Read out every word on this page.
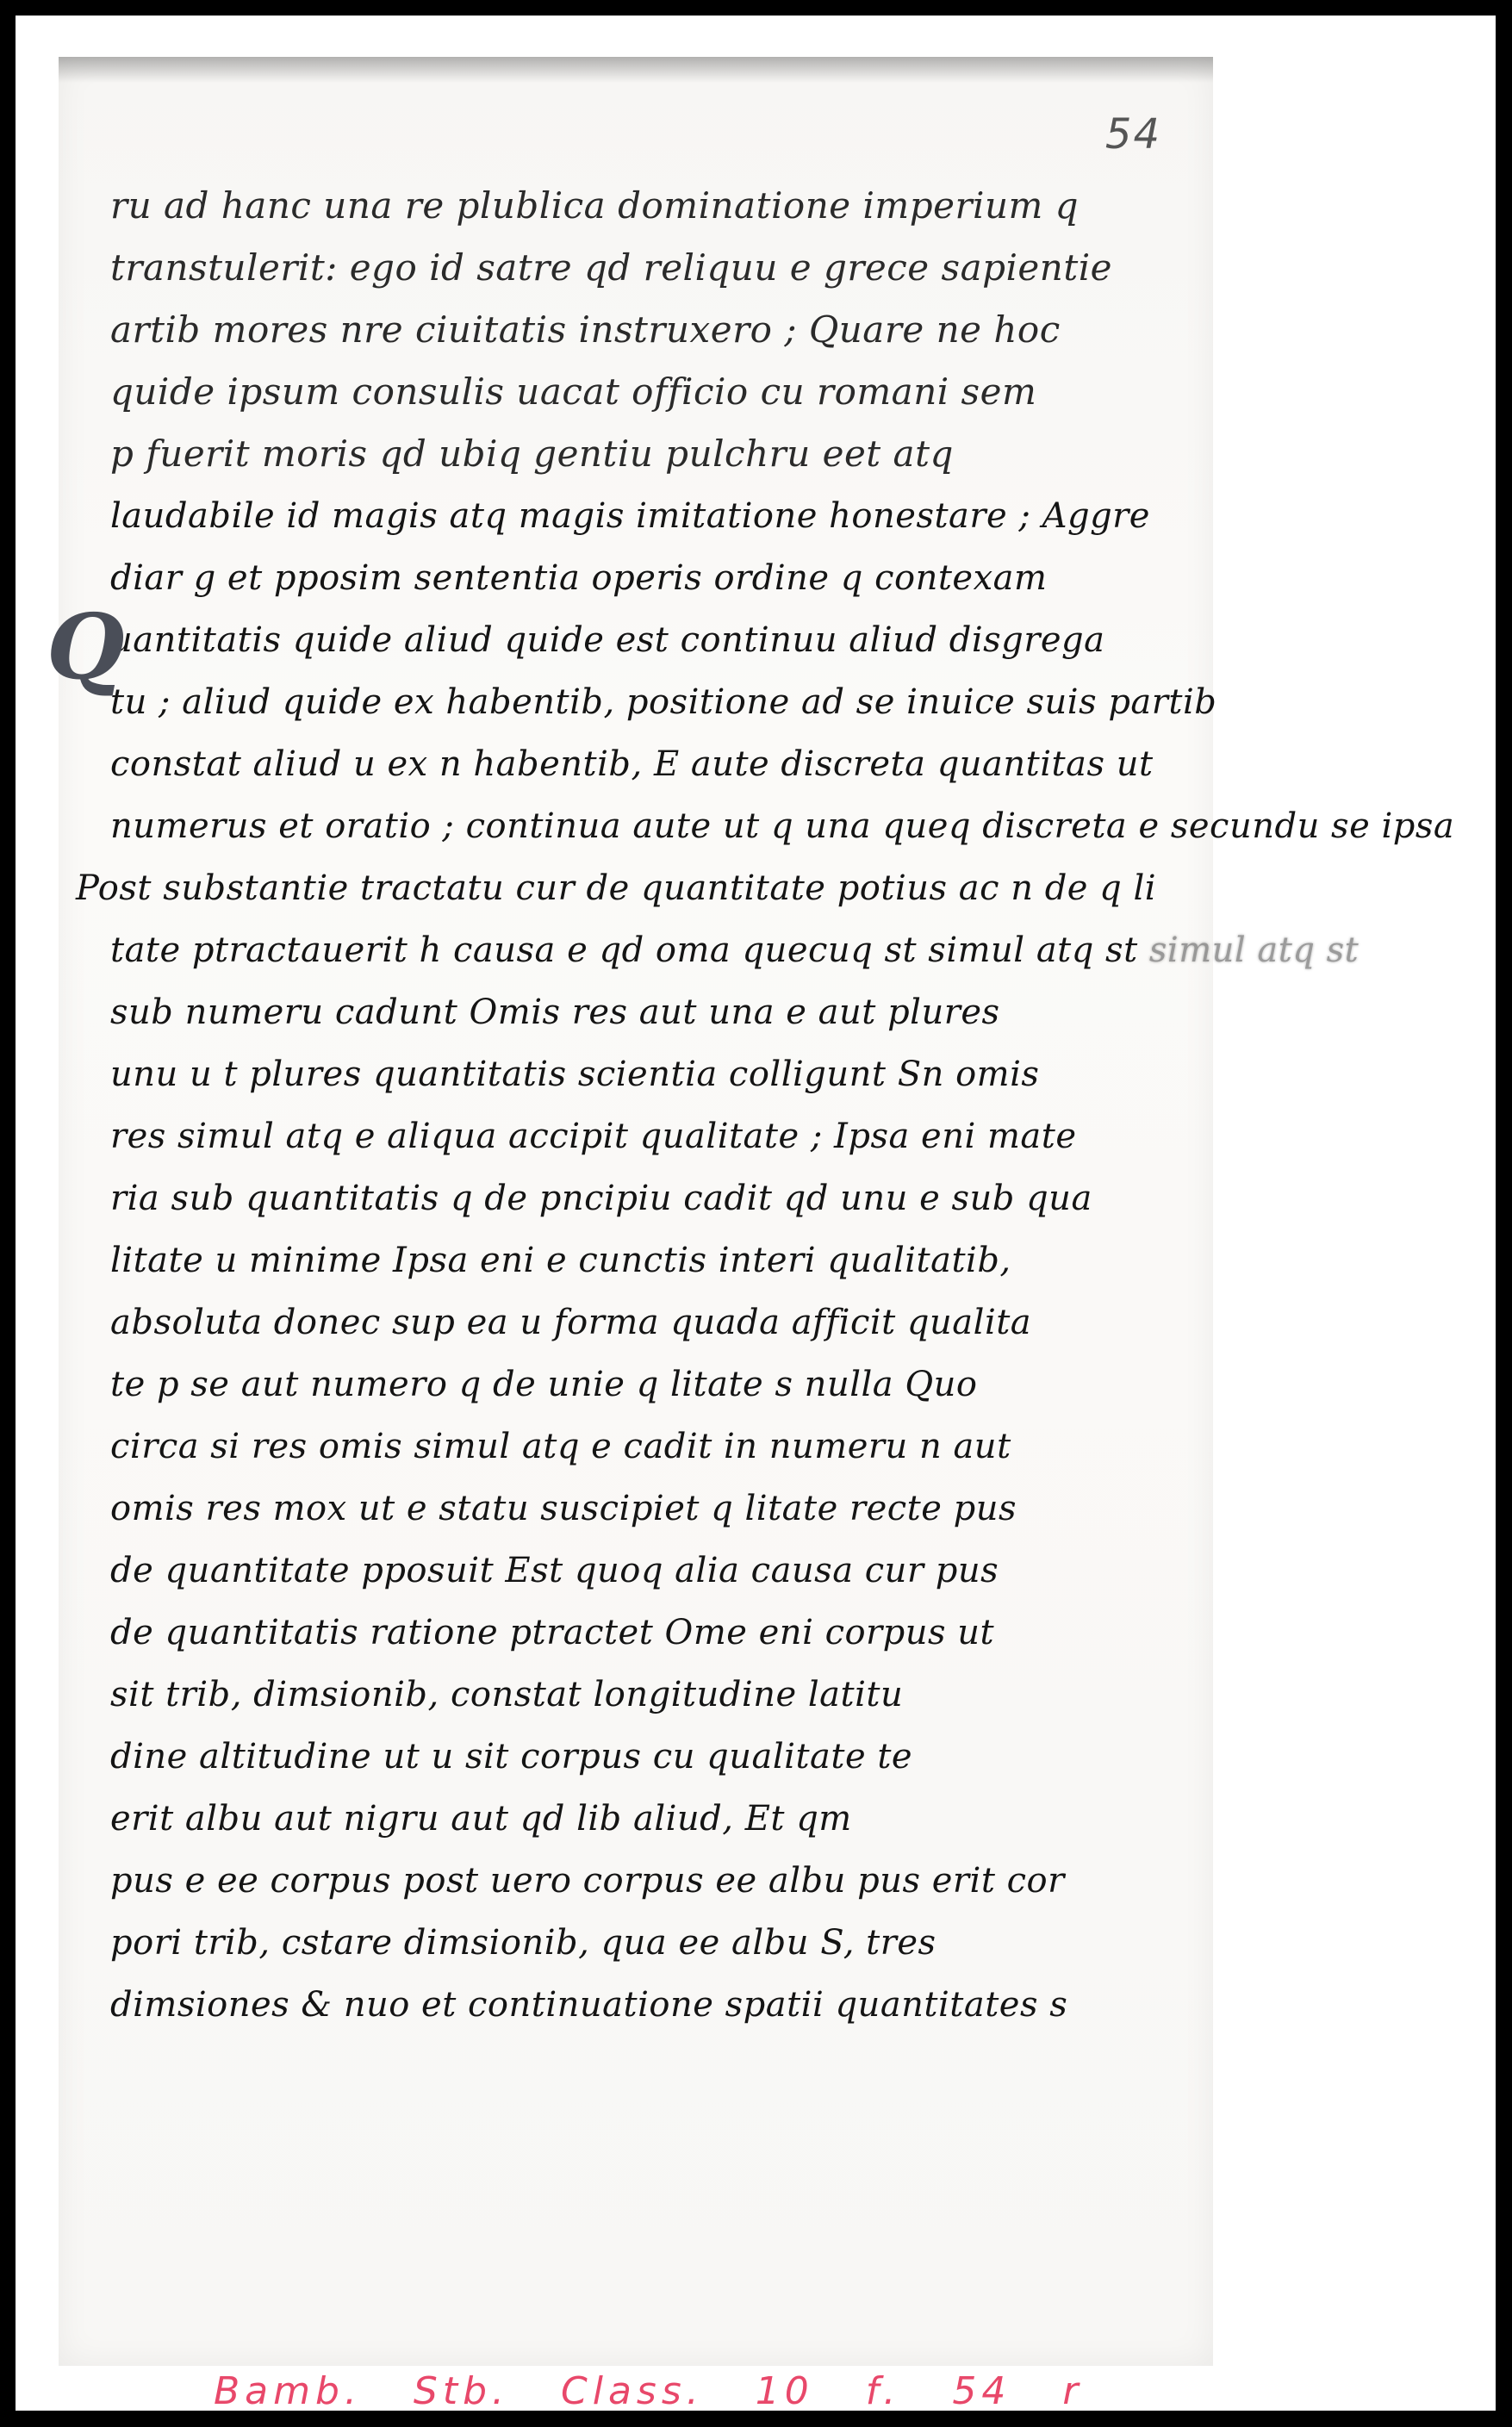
54
ru ad hanc una re plublica dominatione imperium q
transtulerit: ego id satre qd reliquu e grece sapientie
artib mores nre ciuitatis instruxero ; Quare ne hoc
quide ipsum consulis uacat officio cu romani sem
p fuerit moris qd ubiq gentiu pulchru eet atq
laudabile id magis atq magis imitatione honestare ; Aggre
diar g et pposim sententia operis ordine q contexam
Q
uantitatis quide aliud quide est continuu aliud disgrega
tu ; aliud quide ex habentib, positione ad se inuice suis partib
constat aliud u ex n habentib, E aute discreta quantitas ut
numerus et oratio ; continua aute ut q una queq discreta e secundu se ipsa
Post substantie tractatu cur de quantitate potius ac n de q li
tate ptractauerit h causa e qd oma quecuq st simul atq st simul atq st
sub numeru cadunt Omis res aut una e aut plures
unu u t plures quantitatis scientia colligunt Sn omis
res simul atq e aliqua accipit qualitate ; Ipsa eni mate
ria sub quantitatis q de pncipiu cadit qd unu e sub qua
litate u minime Ipsa eni e cunctis interi qualitatib,
absoluta donec sup ea u forma quada afficit qualita
te p se aut numero q de unie q litate s nulla Quo
circa si res omis simul atq e cadit in numeru n aut
omis res mox ut e statu suscipiet q litate recte pus
de quantitate pposuit Est quoq alia causa cur pus
de quantitatis ratione ptractet Ome eni corpus ut
sit trib, dimsionib, constat longitudine latitu
dine altitudine ut u sit corpus cu qualitate te
erit albu aut nigru aut qd lib aliud, Et qm
pus e ee corpus post uero corpus ee albu pus erit cor
pori trib, cstare dimsionib, qua ee albu S, tres
dimsiones & nuo et continuatione spatii quantitates s
Bamb. Stb. Class. 10 f. 54 r
